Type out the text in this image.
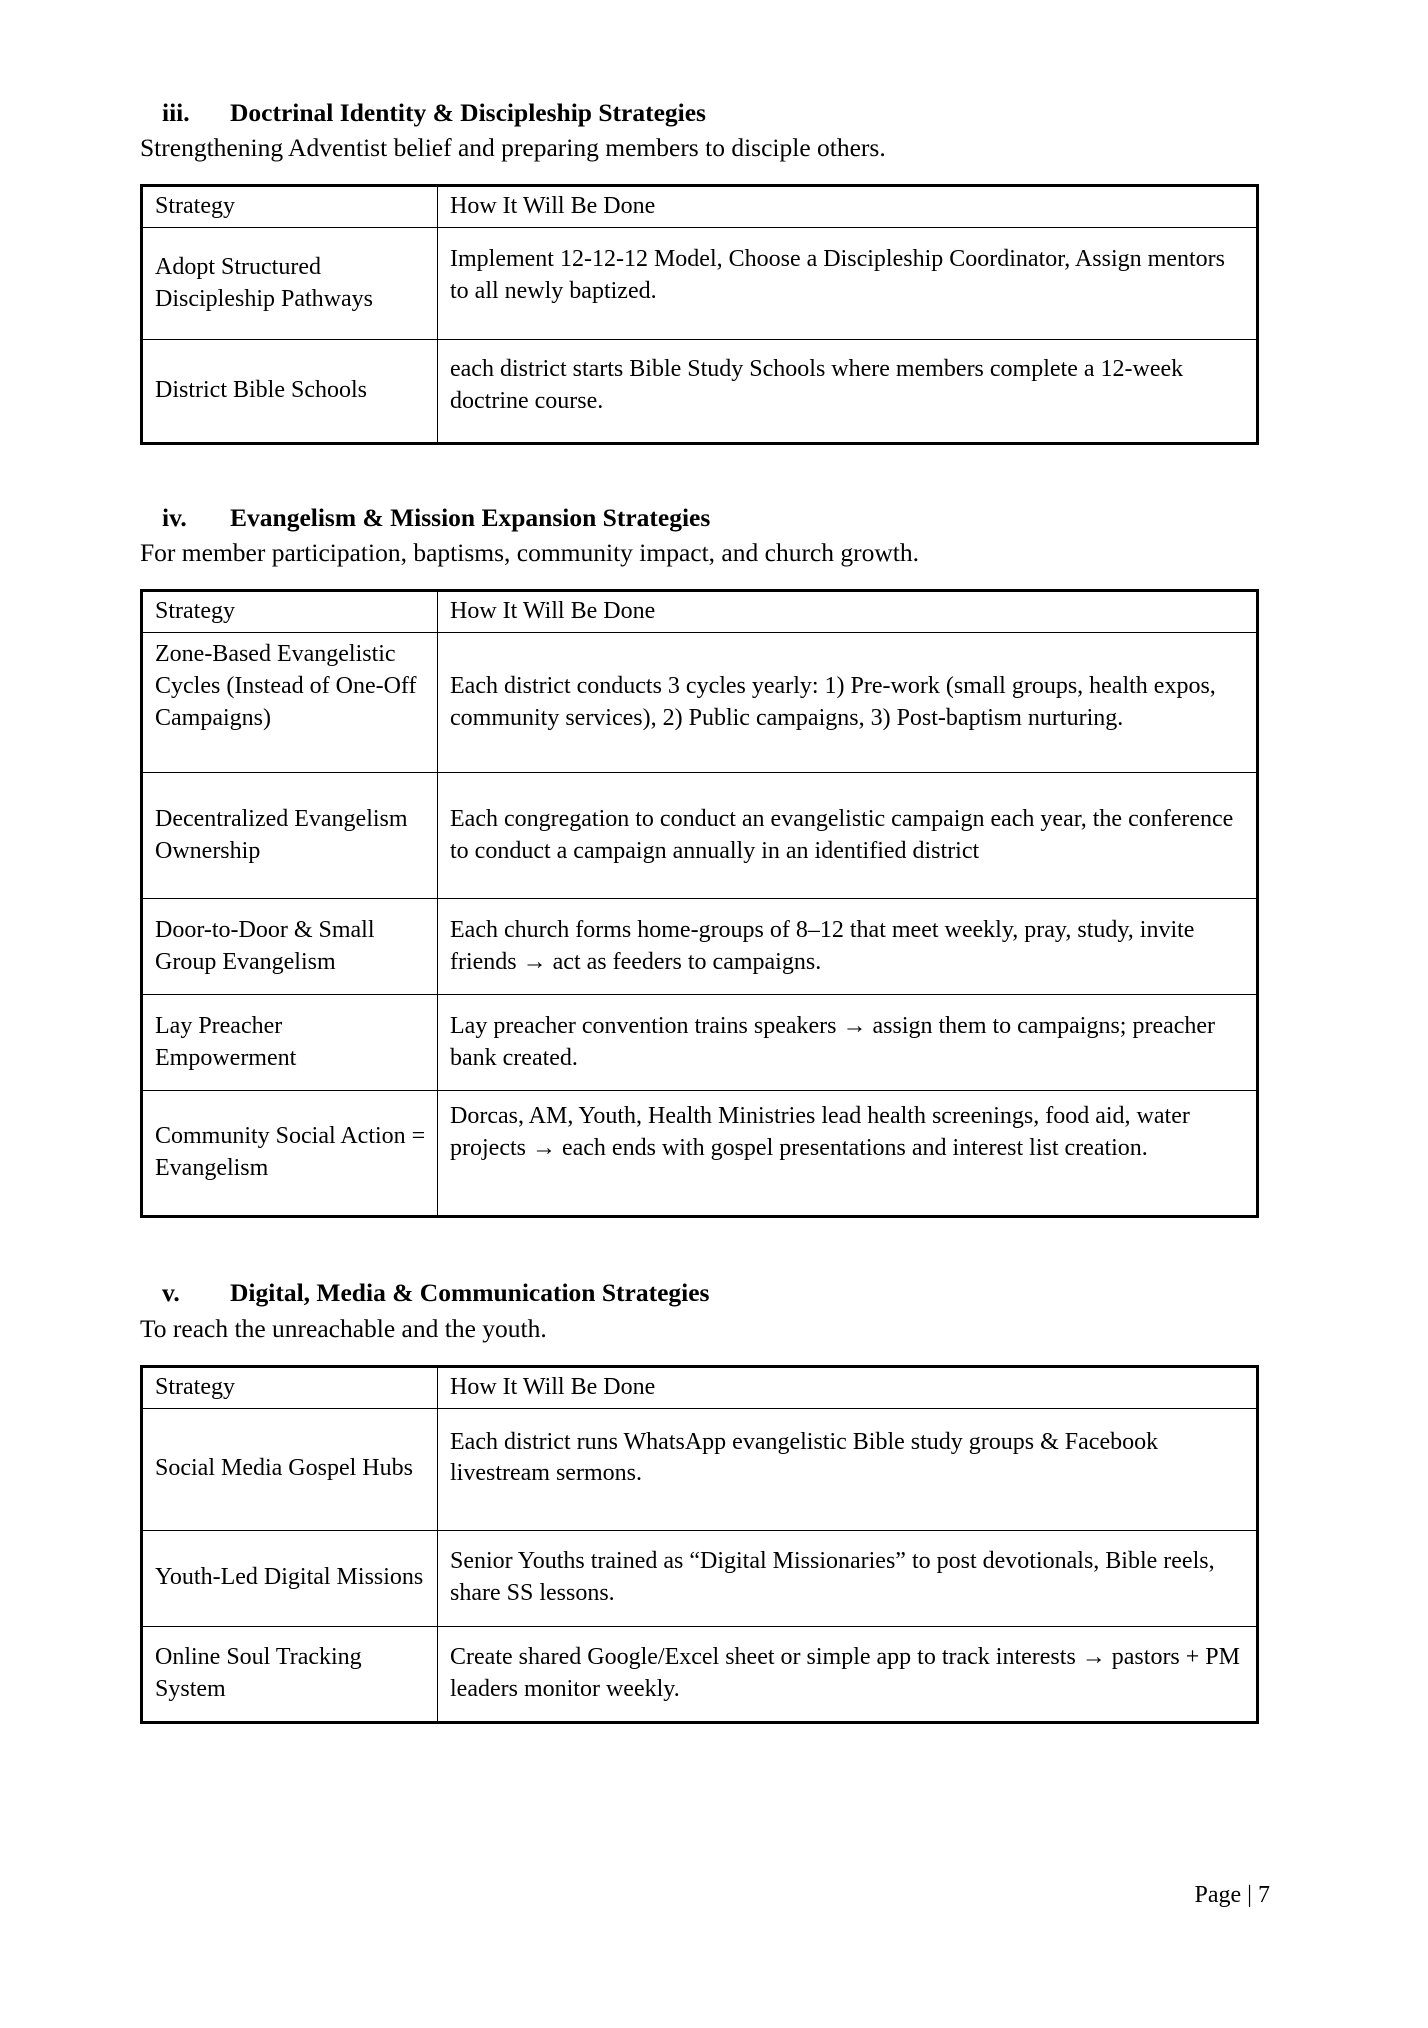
iii.	Doctrinal Identity & Discipleship Strategies

Strengthening Adventist belief and preparing members to disciple others.

Strategy	How It Will Be Done
Adopt Structured Discipleship Pathways	Implement 12-12-12 Model, Choose a Discipleship Coordinator, Assign mentors to all newly baptized.
District Bible Schools	each district starts Bible Study Schools where members complete a 12-week doctrine course.
iv.	Evangelism & Mission Expansion Strategies

For member participation, baptisms, community impact, and church growth.

Strategy	How It Will Be Done
Zone-Based Evangelistic Cycles (Instead of One-Off Campaigns)	Each district conducts 3 cycles yearly: 1) Pre-work (small groups, health expos, community services), 2) Public campaigns, 3) Post-baptism nurturing.
Decentralized Evangelism Ownership	Each congregation to conduct an evangelistic campaign each year, the conference to conduct a campaign annually in an identified district
Door-to-Door & Small Group Evangelism	Each church forms home-groups of 8–12 that meet weekly, pray, study, invite friends → act as feeders to campaigns.
Lay Preacher Empowerment	Lay preacher convention trains speakers → assign them to campaigns; preacher bank created.
Community Social Action = Evangelism	Dorcas, AM, Youth, Health Ministries lead health screenings, food aid, water projects → each ends with gospel presentations and interest list creation.
v.	Digital, Media & Communication Strategies

To reach the unreachable and the youth.

Strategy	How It Will Be Done
Social Media Gospel Hubs	Each district runs WhatsApp evangelistic Bible study groups & Facebook livestream sermons.
Youth-Led Digital Missions	Senior Youths trained as “Digital Missionaries” to post devotionals, Bible reels, share SS lessons.
Online Soul Tracking System	Create shared Google/Excel sheet or simple app to track interests → pastors + PM leaders monitor weekly.
Page | 7
